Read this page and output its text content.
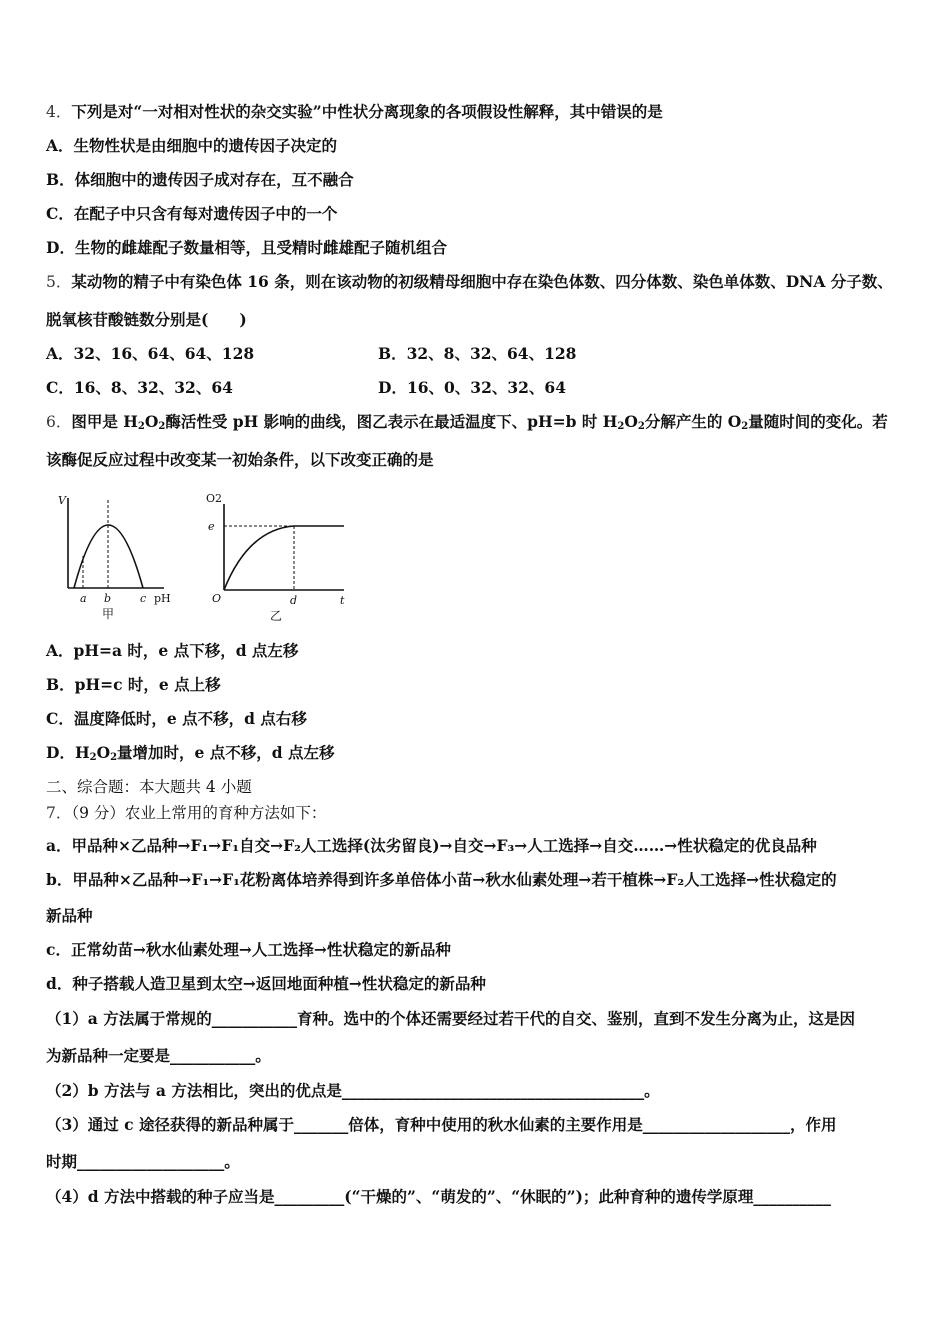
4．下列是对“一对相对性状的杂交实验”中性状分离现象的各项假设性解释，其中错误的是
A．生物性状是由细胞中的遗传因子决定的
B．体细胞中的遗传因子成对存在，互不融合
C．在配子中只含有每对遗传因子中的一个
D．生物的雌雄配子数量相等，且受精时雌雄配子随机组合
5．某动物的精子中有染色体 16 条，则在该动物的初级精母细胞中存在染色体数、四分体数、染色单体数、DNA 分子数、
脱氧核苷酸链数分别是(　　)
A．32、16、64、64、128	B．32、8、32、64、128
C．16、8、32、32、64	D．16、0、32、32、64
6．图甲是 $H_2O_2$酶活性受 pH 影响的曲线，图乙表示在最适温度下、pH=b 时 $H_2O_2$分解产生的 $O_2$量随时间的变化。若
该酶促反应过程中改变某一初始条件，以下改变正确的是
V
a b	c pH
甲
O2
e
O	d	t
乙
A．pH=a 时，e 点下移，d 点左移
B．pH=c 时，e 点上移
C．温度降低时，e 点不移，d 点右移
D．$H_2O_2$量增加时，e 点不移，d 点左移
二、综合题：本大题共 4 小题
7．（9 分）农业上常用的育种方法如下：
a．甲品种×乙品种→F₁→F₁自交→F₂人工选择(汰劣留良)→自交→F₃→人工选择→自交……→性状稳定的优良品种
b．甲品种×乙品种→F₁→F₁花粉离体培养得到许多单倍体小苗→秋水仙素处理→若干植株→F₂人工选择→性状稳定的
新品种
c．正常幼苗→秋水仙素处理→人工选择→性状稳定的新品种
d．种子搭载人造卫星到太空→返回地面种植→性状稳定的新品种
（1）a 方法属于常规的___________育种。选中的个体还需要经过若干代的自交、鉴别，直到不发生分离为止，这是因
为新品种一定要是___________。
（2）b 方法与 a 方法相比，突出的优点是_______________________________________。
（3）通过 c 途径获得的新品种属于_______倍体，育种中使用的秋水仙素的主要作用是___________________，作用
时期___________________。
（4）d 方法中搭载的种子应当是_________(“干燥的”、“萌发的”、“休眠的”)；此种育种的遗传学原理__________
